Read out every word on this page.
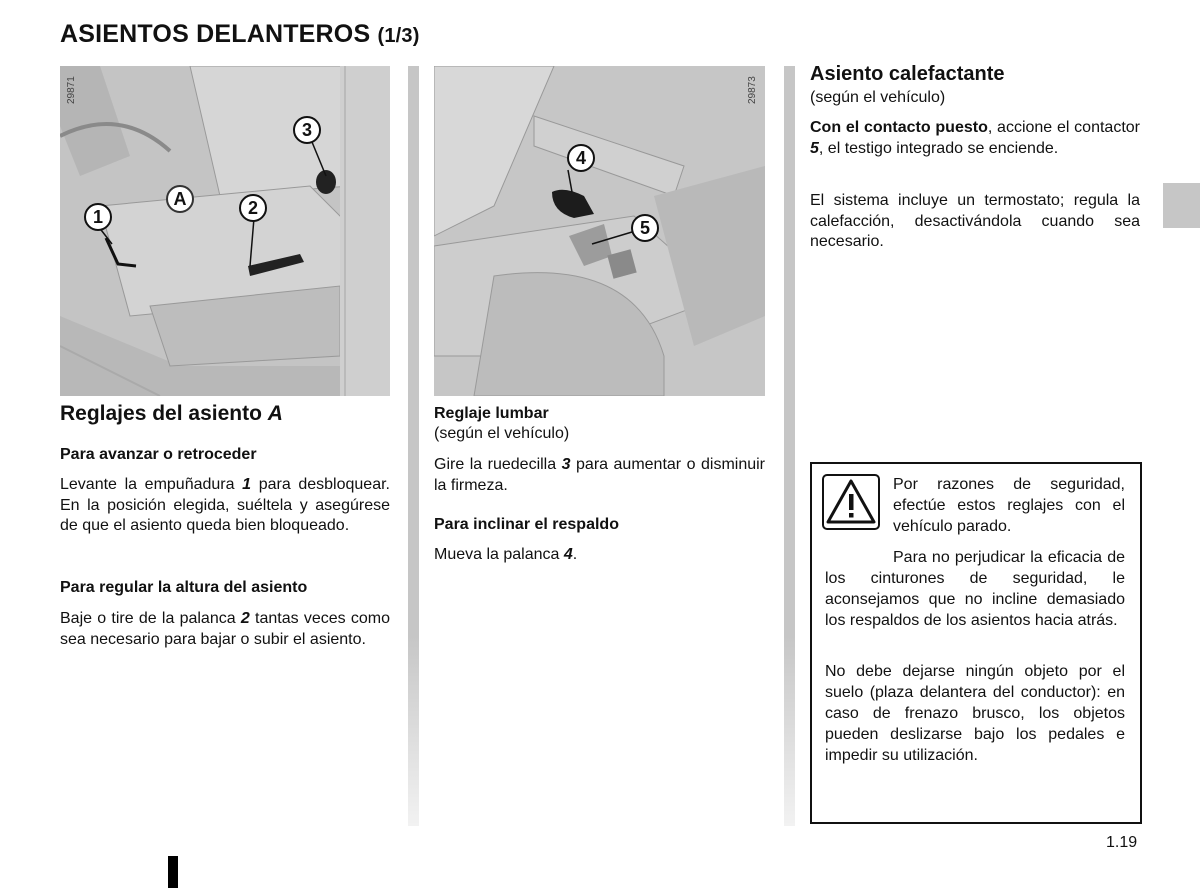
ASIENTOS DELANTEROS (1/3)
29871
1	2
3
A
29873
4
5
Reglajes del asiento A

Para avanzar o retroceder

Levante la empuñadura 1 para desbloquear. En la posición elegida, suéltela y asegúrese de que el asiento queda bien bloqueado.

Para regular la altura del asiento

Baje o tire de la palanca 2 tantas veces como sea necesario para bajar o subir el asiento.

Reglaje lumbar

(según el vehículo)

Gire la ruedecilla 3 para aumentar o disminuir la firmeza.

Para inclinar el respaldo

Mueva la palanca 4.

Asiento calefactante

(según el vehículo)

Con el contacto puesto, accione el contactor 5, el testigo integrado se enciende.

El sistema incluye un termostato; regula la calefacción, desactivándola cuando sea necesario.

Por razones de seguridad, efectúe estos reglajes con el vehículo parado.

Para no perjudicar la eficacia de los cinturones de seguridad, le aconsejamos que no incline demasiado los respaldos de los asientos hacia atrás.

No debe dejarse ningún objeto por el suelo (plaza delantera del conductor): en caso de frenazo brusco, los objetos pueden deslizarse bajo los pedales e impedir su utilización.

1.19
